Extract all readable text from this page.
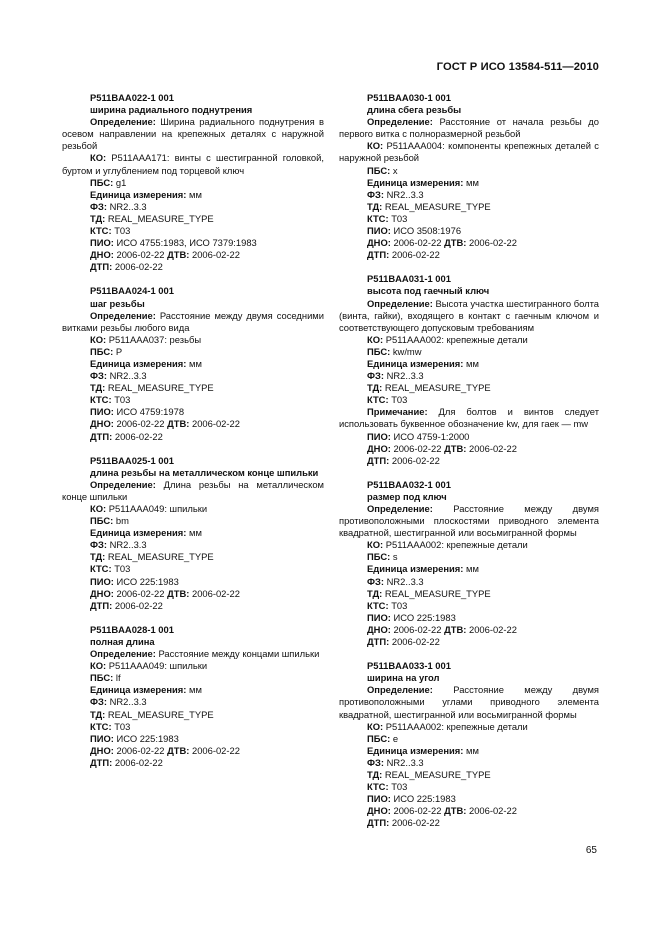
ГОСТ Р ИСО 13584-511—2010
P511BAA022-1 001
ширина радиального поднутрения
Определение: Ширина радиального поднутрения в осевом направлении на крепежных деталях с наружной резьбой
КО: P511AAA171: винты с шестигранной головкой, буртом и углублением под торцевой ключ
ПБС: g1
Единица измерения: мм
ФЗ: NR2..3.3
ТД: REAL_MEASURE_TYPE
КТС: T03
ПИО: ИСО 4755:1983, ИСО 7379:1983
ДНО: 2006-02-22 ДТВ: 2006-02-22
ДТП: 2006-02-22
P511BAA024-1 001
шаг резьбы
Определение: Расстояние между двумя соседними витками резьбы любого вида
КО: P511AAA037: резьбы
ПБС: P
Единица измерения: мм
ФЗ: NR2..3.3
ТД: REAL_MEASURE_TYPE
КТС: T03
ПИО: ИСО 4759:1978
ДНО: 2006-02-22 ДТВ: 2006-02-22
ДТП: 2006-02-22
P511BAA025-1 001
длина резьбы на металлическом конце шпильки
Определение: Длина резьбы на металлическом конце шпильки
КО: P511AAA049: шпильки
ПБС: bm
Единица измерения: мм
ФЗ: NR2..3.3
ТД: REAL_MEASURE_TYPE
КТС: T03
ПИО: ИСО 225:1983
ДНО: 2006-02-22 ДТВ: 2006-02-22
ДТП: 2006-02-22
P511BAA028-1 001
полная длина
Определение: Расстояние между концами шпильки
КО: P511AAA049: шпильки
ПБС: lf
Единица измерения: мм
ФЗ: NR2..3.3
ТД: REAL_MEASURE_TYPE
КТС: T03
ПИО: ИСО 225:1983
ДНО: 2006-02-22 ДТВ: 2006-02-22
ДТП: 2006-02-22
P511BAA030-1 001
длина сбега резьбы
Определение: Расстояние от начала резьбы до первого витка с полноразмерной резьбой
КО: P511AAA004: компоненты крепежных деталей с наружной резьбой
ПБС: x
Единица измерения: мм
ФЗ: NR2..3.3
ТД: REAL_MEASURE_TYPE
КТС: T03
ПИО: ИСО 3508:1976
ДНО: 2006-02-22 ДТВ: 2006-02-22
ДТП: 2006-02-22
P511BAA031-1 001
высота под гаечный ключ
Определение: Высота участка шестигранного болта (винта, гайки), входящего в контакт с гаечным ключом и соответствующего допусковым требованиям
КО: P511AAA002: крепежные детали
ПБС: kw/mw
Единица измерения: мм
ФЗ: NR2..3.3
ТД: REAL_MEASURE_TYPE
КТС: T03
Примечание: Для болтов и винтов следует использовать буквенное обозначение kw, для гаек — mw
ПИО: ИСО 4759-1:2000
ДНО: 2006-02-22 ДТВ: 2006-02-22
ДТП: 2006-02-22
P511BAA032-1 001
размер под ключ
Определение: Расстояние между двумя противоположными плоскостями приводного элемента квадратной, шестигранной или восьмигранной формы
КО: P511AAA002: крепежные детали
ПБС: s
Единица измерения: мм
ФЗ: NR2..3.3
ТД: REAL_MEASURE_TYPE
КТС: T03
ПИО: ИСО 225:1983
ДНО: 2006-02-22 ДТВ: 2006-02-22
ДТП: 2006-02-22
P511BAA033-1 001
ширина на угол
Определение: Расстояние между двумя противоположными углами приводного элемента квадратной, шестигранной или восьмигранной формы
КО: P511AAA002: крепежные детали
ПБС: e
Единица измерения: мм
ФЗ: NR2..3.3
ТД: REAL_MEASURE_TYPE
КТС: T03
ПИО: ИСО 225:1983
ДНО: 2006-02-22 ДТВ: 2006-02-22
ДТП: 2006-02-22
65
